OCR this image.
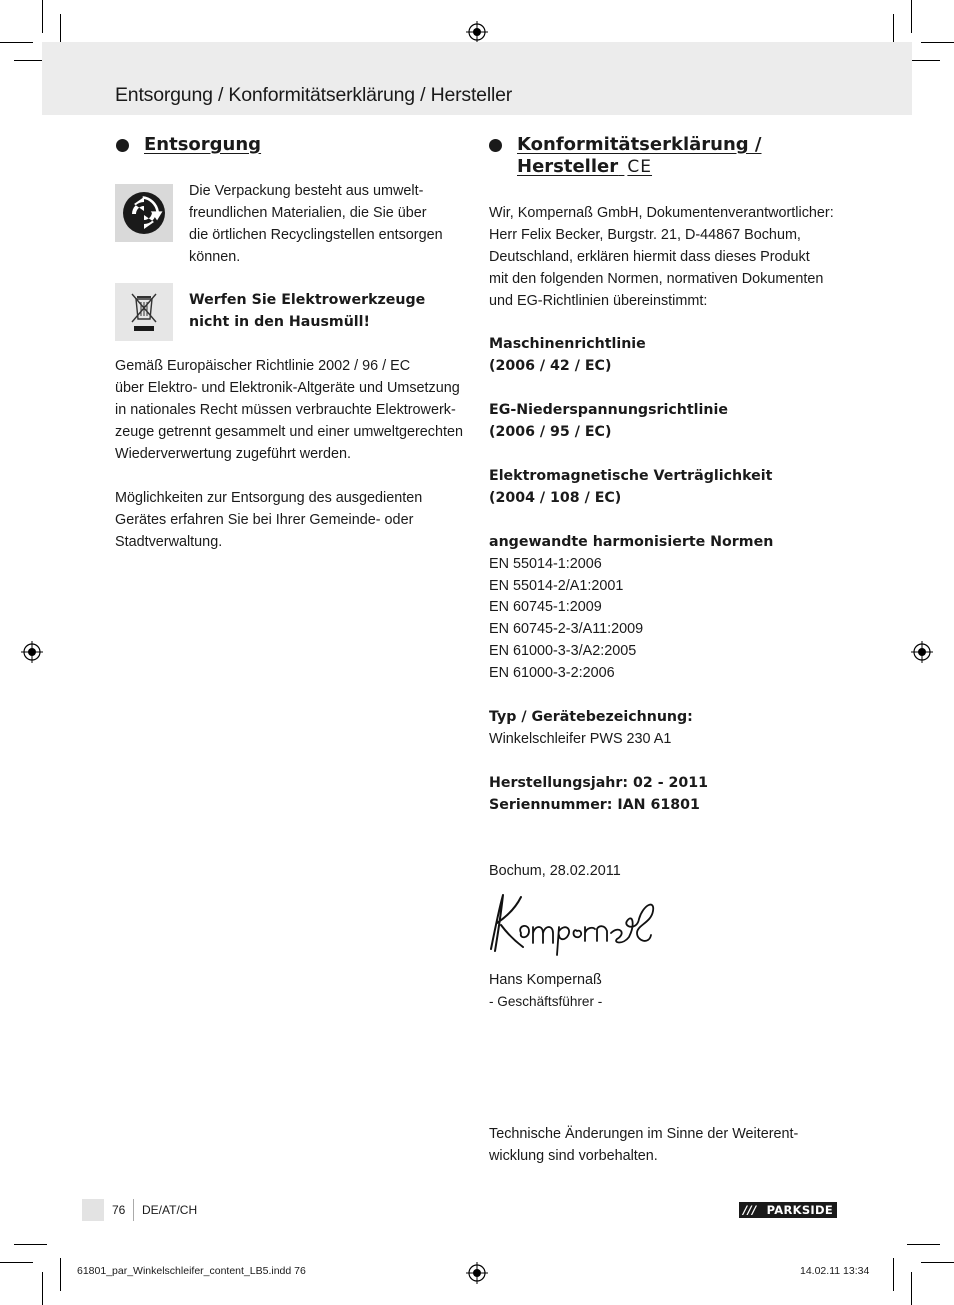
Entsorgung / Konformitätserklärung / Hersteller
Entsorgung
Die Verpackung besteht aus umwelt-
freundlichen Materialien, die Sie über
die örtlichen Recyclingstellen entsorgen
können.
Werfen Sie Elektrowerkzeuge
nicht in den Hausmüll!
Gemäß Europäischer Richtlinie 2002 / 96 / EC
über Elektro- und Elektronik-Altgeräte und Umsetzung
in nationales Recht müssen verbrauchte Elektrowerk-
zeuge getrennt gesammelt und einer umweltgerechten
Wiederverwertung zugeführt werden.
Möglichkeiten zur Entsorgung des ausgedienten
Gerätes erfahren Sie bei Ihrer Gemeinde- oder
Stadtverwaltung.
Konformitätserklärung /
Hersteller CE
Wir, Kompernaß GmbH, Dokumentenverantwortlicher:
Herr Felix Becker, Burgstr. 21, D-44867 Bochum,
Deutschland, erklären hiermit dass dieses Produkt
mit den folgenden Normen, normativen Dokumenten
und EG-Richtlinien übereinstimmt:
Maschinenrichtlinie
(2006 / 42 / EC)
EG-Niederspannungsrichtlinie
(2006 / 95 / EC)
Elektromagnetische Verträglichkeit
(2004 / 108 / EC)
angewandte harmonisierte Normen
EN 55014-1:2006
EN 55014-2/A1:2001
EN 60745-1:2009
EN 60745-2-3/A11:2009
EN 61000-3-3/A2:2005
EN 61000-3-2:2006
Typ / Gerätebezeichnung:
Winkelschleifer PWS 230 A1
Herstellungsjahr: 02 - 2011
Seriennummer: IAN 61801
Bochum, 28.02.2011
Hans Kompernaß
- Geschäftsführer -
Technische Änderungen im Sinne der Weiterent-
wicklung sind vorbehalten.
76 DE/AT/CH	/// PARKSIDE
61801_par_Winkelschleifer_content_LB5.indd 76	14.02.11 13:34
